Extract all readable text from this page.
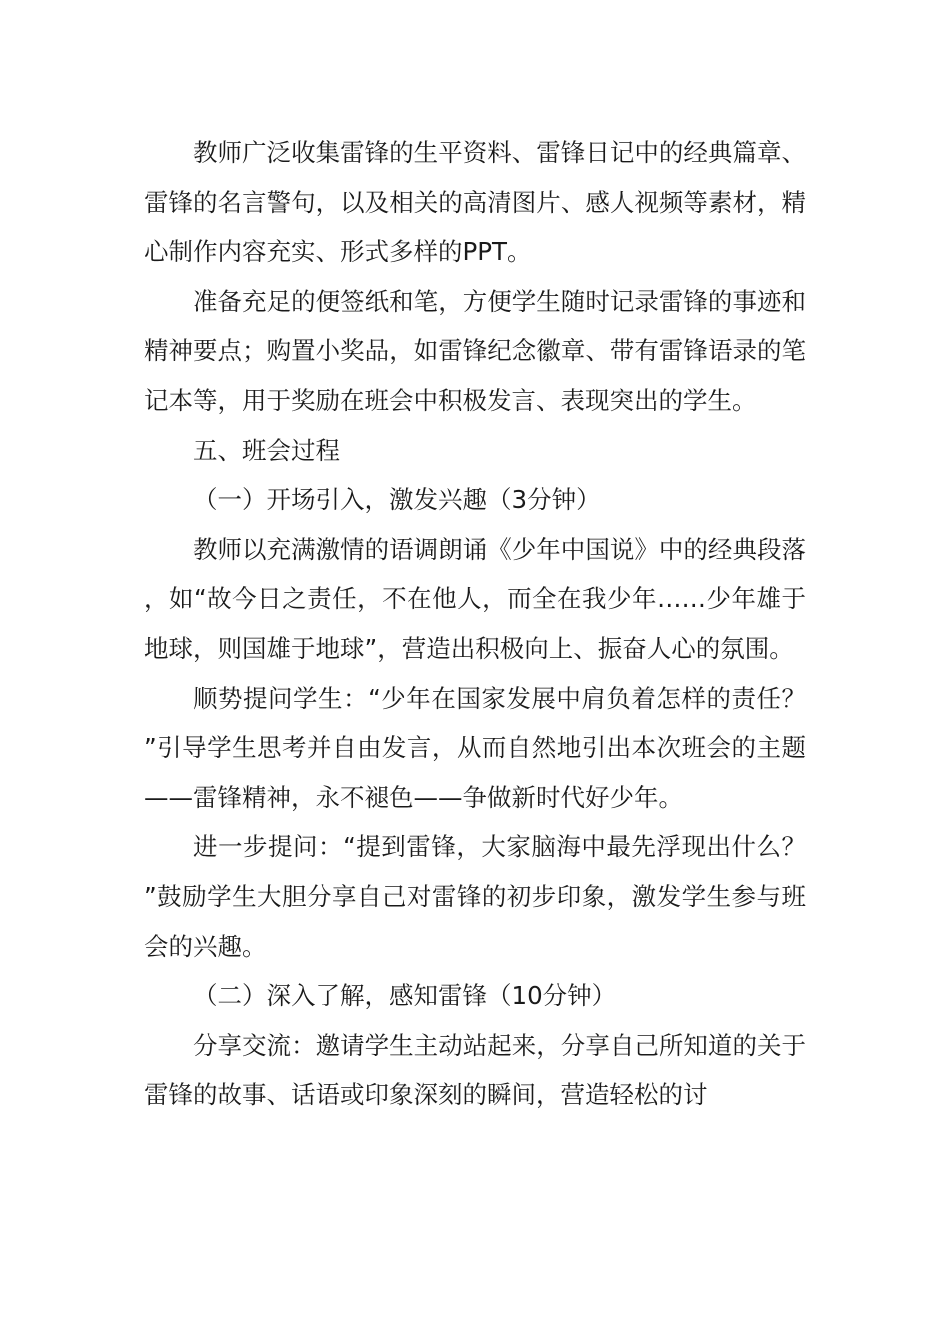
教师广泛收集雷锋的生平资料、雷锋日记中的经典篇章、雷锋的名言警句，以及相关的高清图片、感人视频等素材，精心制作内容充实、形式多样的PPT。

准备充足的便签纸和笔，方便学生随时记录雷锋的事迹和精神要点；购置小奖品，如雷锋纪念徽章、带有雷锋语录的笔记本等，用于奖励在班会中积极发言、表现突出的学生。

五、班会过程

（一）开场引入，激发兴趣（3分钟）

教师以充满激情的语调朗诵《少年中国说》中的经典段落，如“故今日之责任，不在他人，而全在我少年……少年雄于地球，则国雄于地球”，营造出积极向上、振奋人心的氛围。

顺势提问学生：“少年在国家发展中肩负着怎样的责任？”引导学生思考并自由发言，从而自然地引出本次班会的主题——雷锋精神，永不褪色——争做新时代好少年。

进一步提问：“提到雷锋，大家脑海中最先浮现出什么？”鼓励学生大胆分享自己对雷锋的初步印象，激发学生参与班会的兴趣。

（二）深入了解，感知雷锋（10分钟）

分享交流：邀请学生主动站起来，分享自己所知道的关于雷锋的故事、话语或印象深刻的瞬间，营造轻松的讨
